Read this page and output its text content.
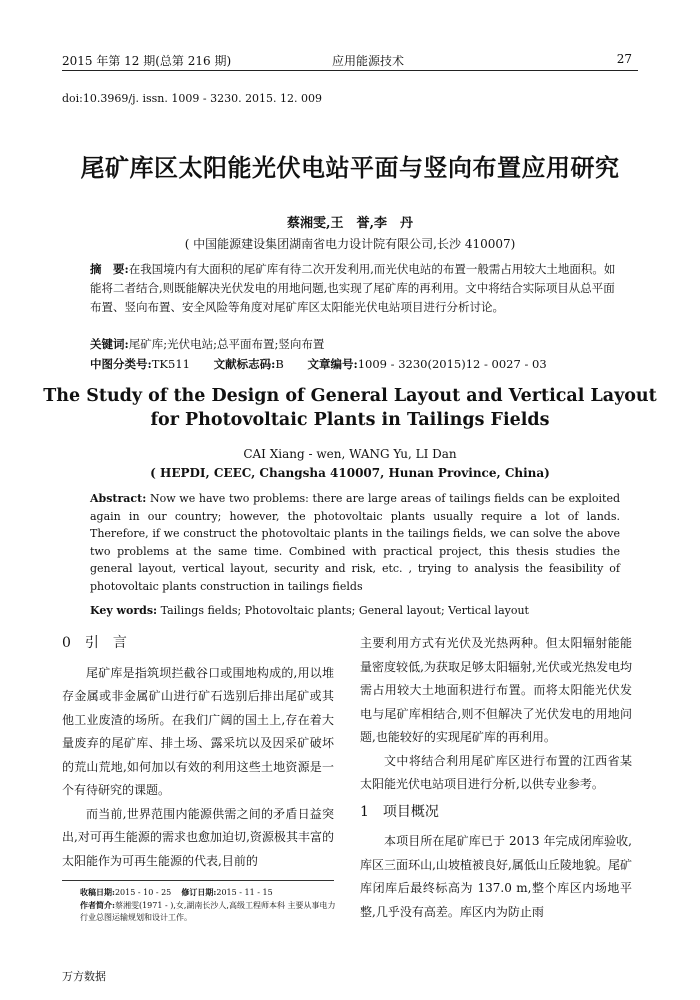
2015 年第 12 期(总第 216 期)	应用能源技术	27
doi:10.3969/j. issn. 1009 - 3230. 2015. 12. 009
尾矿库区太阳能光伏电站平面与竖向布置应用研究
蔡湘雯,王　誉,李　丹
( 中国能源建设集团湖南省电力设计院有限公司,长沙 410007)
摘　要:在我国境内有大面积的尾矿库有待二次开发利用,而光伏电站的布置一般需占用较大土地面积。如能将二者结合,则既能解决光伏发电的用地问题,也实现了尾矿库的再利用。文中将结合实际项目从总平面布置、竖向布置、安全风险等角度对尾矿库区太阳能光伏电站项目进行分析讨论。
关键词:尾矿库;光伏电站;总平面布置;竖向布置
中图分类号:TK511 文献标志码:B 文章编号:1009 - 3230(2015)12 - 0027 - 03
The Study of the Design of General Layout and Vertical Layout for Photovoltaic Plants in Tailings Fields
CAI Xiang - wen, WANG Yu, LI Dan
( HEPDI, CEEC, Changsha 410007, Hunan Province, China)
Abstract: Now we have two problems: there are large areas of tailings fields can be exploited again in our country; however, the photovoltaic plants usually require a lot of lands. Therefore, if we construct the photovoltaic plants in the tailings fields, we can solve the above two problems at the same time. Combined with practical project, this thesis studies the general layout, vertical layout, security and risk, etc. , trying to analysis the feasibility of photovoltaic plants construction in tailings fields
Key words: Tailings fields; Photovoltaic plants; General layout; Vertical layout
0　引　言

尾矿库是指筑坝拦截谷口或围地构成的,用以堆存金属或非金属矿山进行矿石选别后排出尾矿或其他工业废渣的场所。在我们广阔的国土上,存在着大量废弃的尾矿库、排土场、露采坑以及因采矿破坏的荒山荒地,如何加以有效的利用这些土地资源是一个有待研究的课题。

而当前,世界范围内能源供需之间的矛盾日益突出,对可再生能源的需求也愈加迫切,资源极其丰富的太阳能作为可再生能源的代表,目前的

主要利用方式有光伏及光热两种。但太阳辐射能能量密度较低,为获取足够太阳辐射,光伏或光热发电均需占用较大土地面积进行布置。而将太阳能光伏发电与尾矿库相结合,则不但解决了光伏发电的用地问题,也能较好的实现尾矿库的再利用。

文中将结合利用尾矿库区进行布置的江西省某太阳能光伏电站项目进行分析,以供专业参考。

1　项目概况

本项目所在尾矿库已于 2013 年完成闭库验收,库区三面环山,山坡植被良好,属低山丘陵地貌。尾矿库闭库后最终标高为 137.0 m,整个库区内场地平整,几乎没有高差。库区内为防止雨

收稿日期:2015 - 10 - 25 修订日期:2015 - 11 - 15
作者简介:蔡湘雯(1971 - ),女,湖南长沙人,高级工程师本科 主要从事电力行业总图运输规划和设计工作。
万方数据
